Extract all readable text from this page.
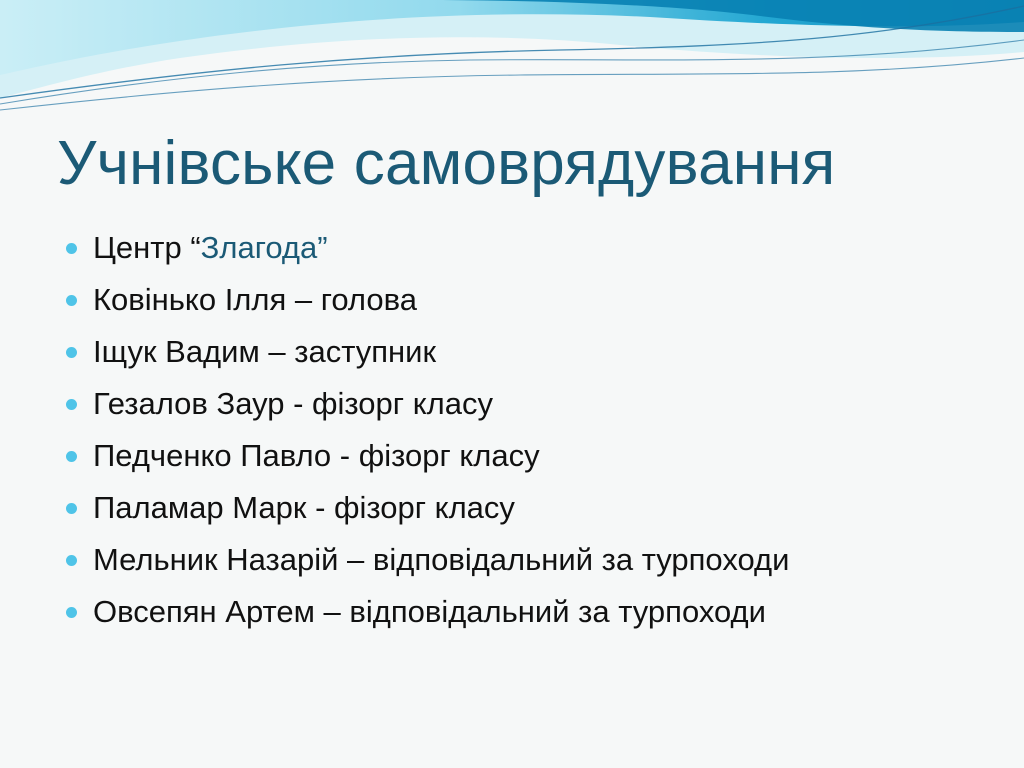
Учнівське самоврядування
Центр “Злагода”
Ковінько Ілля – голова
Іщук Вадим – заступник
Гезалов Заур - фізорг класу
Педченко Павло - фізорг класу
Паламар Марк - фізорг класу
Мельник Назарій – відповідальний за турпоходи
Овсепян Артем – відповідальний за турпоходи
